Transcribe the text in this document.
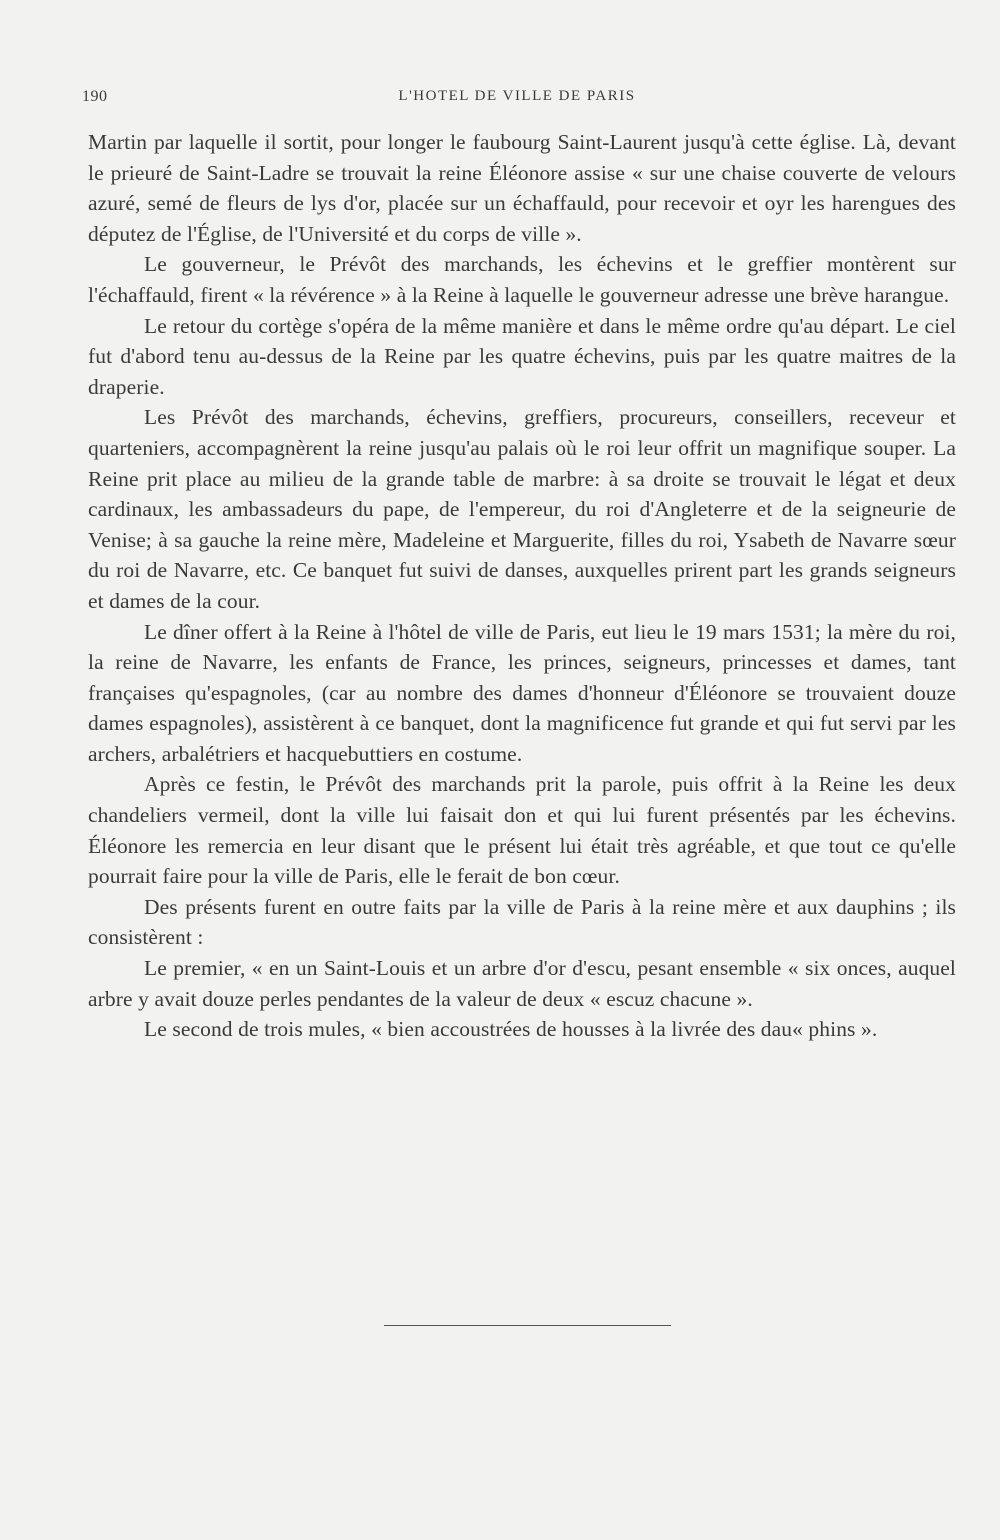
190	L'HOTEL DE VILLE DE PARIS

Martin par laquelle il sortit, pour longer le faubourg Saint-Laurent jusqu'à cette église. Là, devant le prieuré de Saint-Ladre se trouvait la reine Éléonore assise « sur une chaise couverte de velours azuré, semé de fleurs de lys d'or, placée sur un échaffauld, pour recevoir et oyr les harengues des députez de l'Église, de l'Université et du corps de ville ».

Le gouverneur, le Prévôt des marchands, les échevins et le greffier montèrent sur l'échaffauld, firent « la révérence » à la Reine à laquelle le gouverneur adresse une brève harangue.

Le retour du cortège s'opéra de la même manière et dans le même ordre qu'au départ. Le ciel fut d'abord tenu au-dessus de la Reine par les quatre échevins, puis par les quatre maitres de la draperie.

Les Prévôt des marchands, échevins, greffiers, procureurs, conseillers, receveur et quarteniers, accompagnèrent la reine jusqu'au palais où le roi leur offrit un magnifique souper. La Reine prit place au milieu de la grande table de marbre: à sa droite se trouvait le légat et deux cardinaux, les ambassadeurs du pape, de l'empereur, du roi d'Angleterre et de la seigneurie de Venise; à sa gauche la reine mère, Madeleine et Marguerite, filles du roi, Ysabeth de Navarre sœur du roi de Navarre, etc. Ce banquet fut suivi de danses, auxquelles prirent part les grands seigneurs et dames de la cour.

Le dîner offert à la Reine à l'hôtel de ville de Paris, eut lieu le 19 mars 1531; la mère du roi, la reine de Navarre, les enfants de France, les princes, seigneurs, princesses et dames, tant françaises qu'espagnoles, (car au nombre des dames d'honneur d'Éléonore se trouvaient douze dames espagnoles), assistèrent à ce banquet, dont la magnificence fut grande et qui fut servi par les archers, arbalétriers et hacquebuttiers en costume.

Après ce festin, le Prévôt des marchands prit la parole, puis offrit à la Reine les deux chandeliers vermeil, dont la ville lui faisait don et qui lui furent présentés par les échevins. Éléonore les remercia en leur disant que le présent lui était très agréable, et que tout ce qu'elle pourrait faire pour la ville de Paris, elle le ferait de bon cœur.

Des présents furent en outre faits par la ville de Paris à la reine mère et aux dauphins ; ils consistèrent :

Le premier, « en un Saint-Louis et un arbre d'or d'escu, pesant ensemble « six onces, auquel arbre y avait douze perles pendantes de la valeur de deux « escuz chacune ».

Le second de trois mules, « bien accoustrées de housses à la livrée des dau« phins ».
